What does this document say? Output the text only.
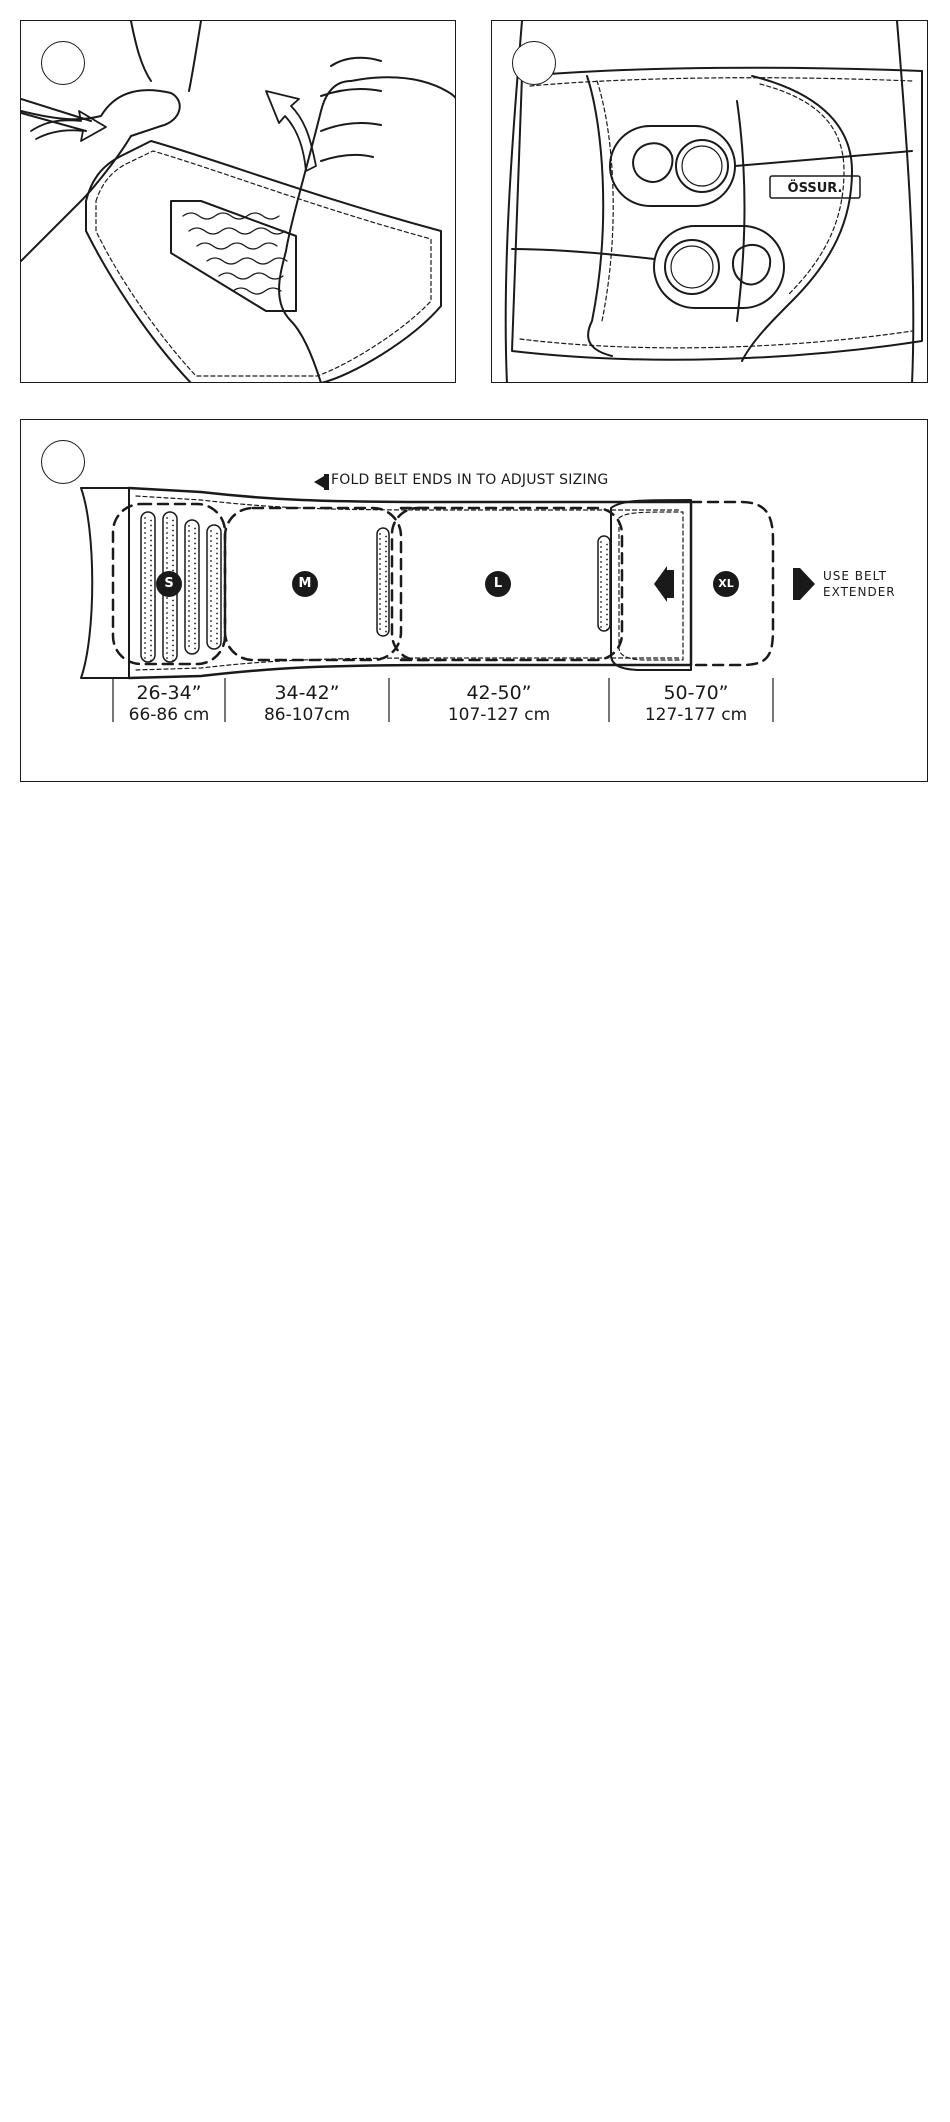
ÖSSUR.
FOLD BELT ENDS IN TO ADJUST SIZING
USE BELT
EXTENDER
S	M	L	XL
26-34”
66-86 cm
34-42”
86-107cm
42-50”
107-127 cm
50-70”
127-177 cm
